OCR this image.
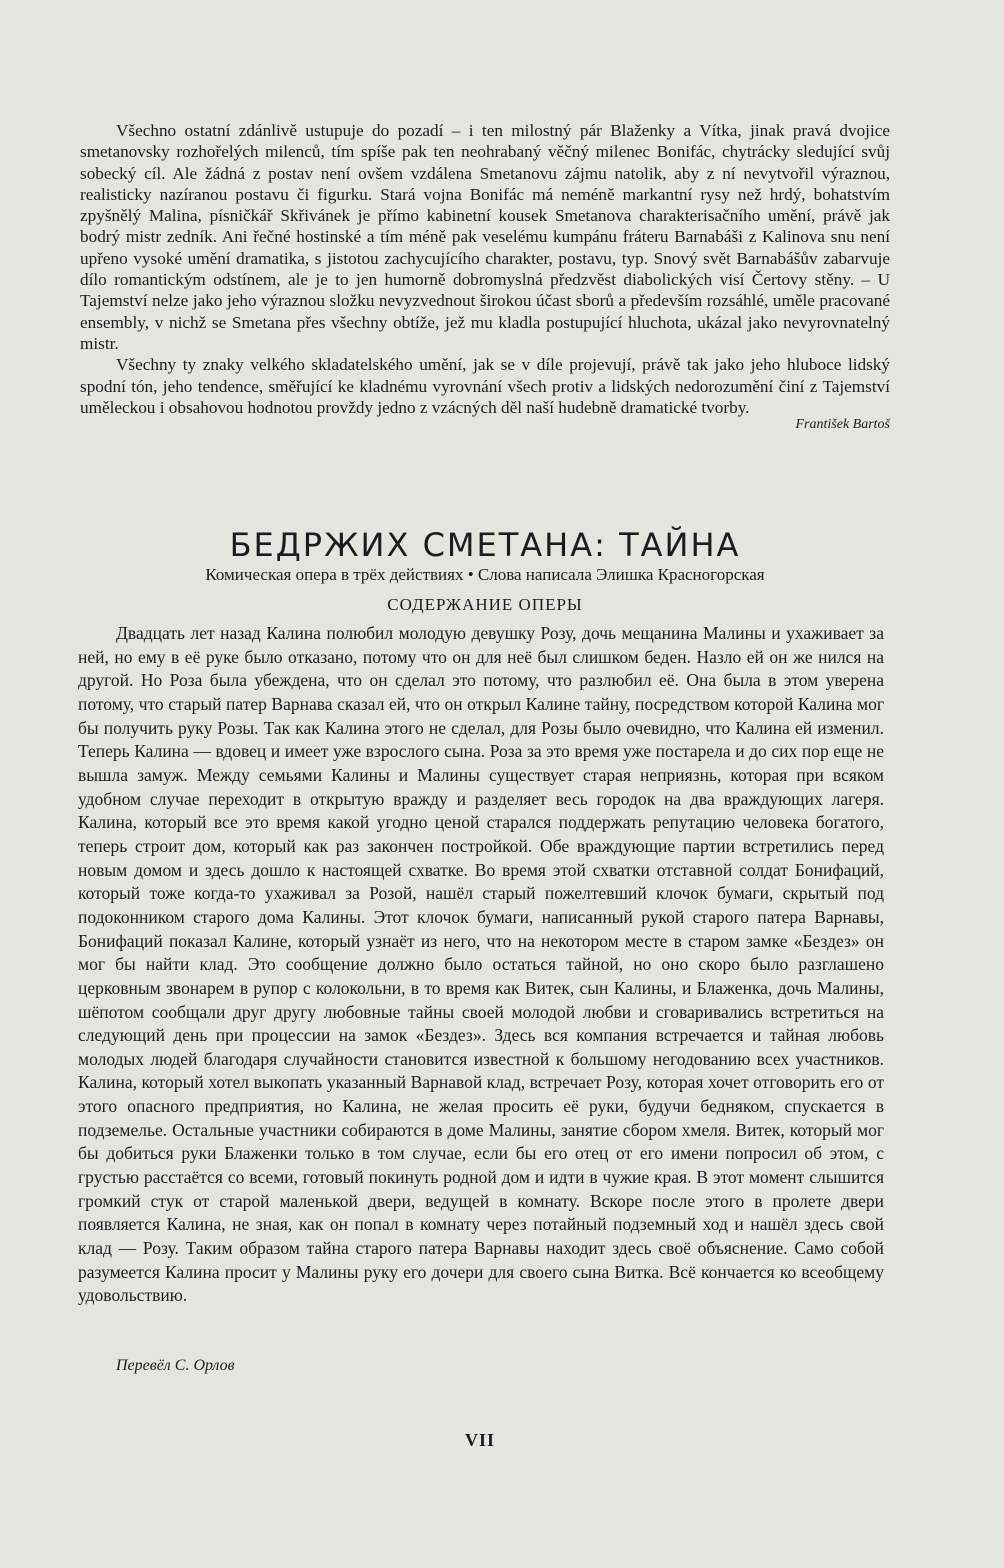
Všechno ostatní zdánlivě ustupuje do pozadí – i ten milostný pár Blaženky a Vítka, jinak pravá dvojice smetanovsky rozhořelých milenců, tím spíše pak ten neohrabaný věčný milenec Bonifác, chytrácky sledující svůj sobecký cíl. Ale žádná z postav není ovšem vzdálena Smetanovu zájmu natolik, aby z ní nevytvořil výraznou, realisticky nazíranou postavu či figurku. Stará vojna Bonifác má neméně markantní rysy než hrdý, bohatstvím zpyšnělý Malina, písničkář Skřivánek je přímo kabinetní kousek Smetanova charakterisačního umění, právě jak bodrý mistr zedník. Ani řečné hostinské a tím méně pak veselému kumpánu fráteru Barnabáši z Kalinova snu není upřeno vysoké umění dramatika, s jistotou zachycujícího charakter, postavu, typ. Snový svět Barnabášův zabarvuje dílo romantickým odstínem, ale je to jen humorně dobromyslná předzvěst diabolických visí Čertovy stěny. – U Tajemství nelze jako jeho výraznou složku nevyzvednout širokou účast sborů a především rozsáhlé, uměle pracované ensembly, v nichž se Smetana přes všechny obtíže, jež mu kladla postupující hluchota, ukázal jako nevyrovnatelný mistr.

Všechny ty znaky velkého skladatelského umění, jak se v díle projevují, právě tak jako jeho hluboce lidský spodní tón, jeho tendence, směřující ke kladnému vyrovnání všech protiv a lidských nedorozumění činí z Tajemství uměleckou i obsahovou hodnotou provždy jedno z vzácných děl naší hudebně dramatické tvorby.

František Bartoš
БЕДРЖИХ СМЕТАНА: ТАЙНА
Комическая опера в трёх действиях • Слова написала Элишка Красногорская
СОДЕРЖАНИЕ ОПЕРЫ

Двадцать лет назад Калина полюбил молодую девушку Розу, дочь мещанина Малины и ухаживает за ней, но ему в её руке было отказано, потому что он для неё был слишком беден. Назло ей он же нился на другой. Но Роза была убеждена, что он сделал это потому, что разлюбил её. Она была в этом уверена потому, что старый патер Варнава сказал ей, что он открыл Калине тайну, посредством которой Калина мог бы получить руку Розы. Так как Калина этого не сделал, для Розы было очевидно, что Калина ей изменил. Теперь Калина — вдовец и имеет уже взрослого сына. Роза за это время уже постарела и до сих пор еще не вышла замуж. Между семьями Калины и Малины существует старая неприязнь, которая при всяком удобном случае переходит в открытую вражду и разделяет весь городок на два враждующих лагеря. Калина, который все это время какой угодно ценой старался поддержать репутацию человека богатого, теперь строит дом, который как раз закончен постройкой. Обе враждующие партии встретились перед новым домом и здесь дошло к настоящей схватке. Во время этой схватки отставной солдат Бонифаций, который тоже когда-то ухаживал за Розой, нашёл старый пожелтевший клочок бумаги, скрытый под подоконником старого дома Калины. Этот клочок бумаги, написанный рукой старого патера Варнавы, Бонифаций показал Калине, который узнаёт из него, что на некотором месте в старом замке «Бездез» он мог бы найти клад. Это сообщение должно было остаться тайной, но оно скоро было разглашено церковным звонарем в рупор с колокольни, в то время как Витек, сын Калины, и Блаженка, дочь Малины, шёпотом сообщали друг другу любовные тайны своей молодой любви и сговаривались встретиться на следующий день при процессии на замок «Бездез». Здесь вся компания встречается и тайная любовь молодых людей благодаря случайности становится известной к большому негодованию всех участников. Калина, который хотел выкопать указанный Варнавой клад, встречает Розу, которая хочет отговорить его от этого опасного предприятия, но Калина, не желая просить её руки, будучи бедняком, спускается в подземелье. Остальные участники собираются в доме Малины, занятие сбором хмеля. Витек, который мог бы добиться руки Блаженки только в том случае, если бы его отец от его имени попросил об этом, с грустью расстаётся со всеми, готовый покинуть родной дом и идти в чужие края. В этот момент слышится громкий стук от старой маленькой двери, ведущей в комнату. Вскоре после этого в пролете двери появляется Калина, не зная, как он попал в комнату через потайный подземный ход и нашёл здесь свой клад — Розу. Таким образом тайна старого патера Варнавы находит здесь своё объяснение. Само собой разумеется Калина просит у Малины руку его дочери для своего сына Витка. Всё кончается ко всеобщему удовольствию.

Перевёл С. Орлов
VII
